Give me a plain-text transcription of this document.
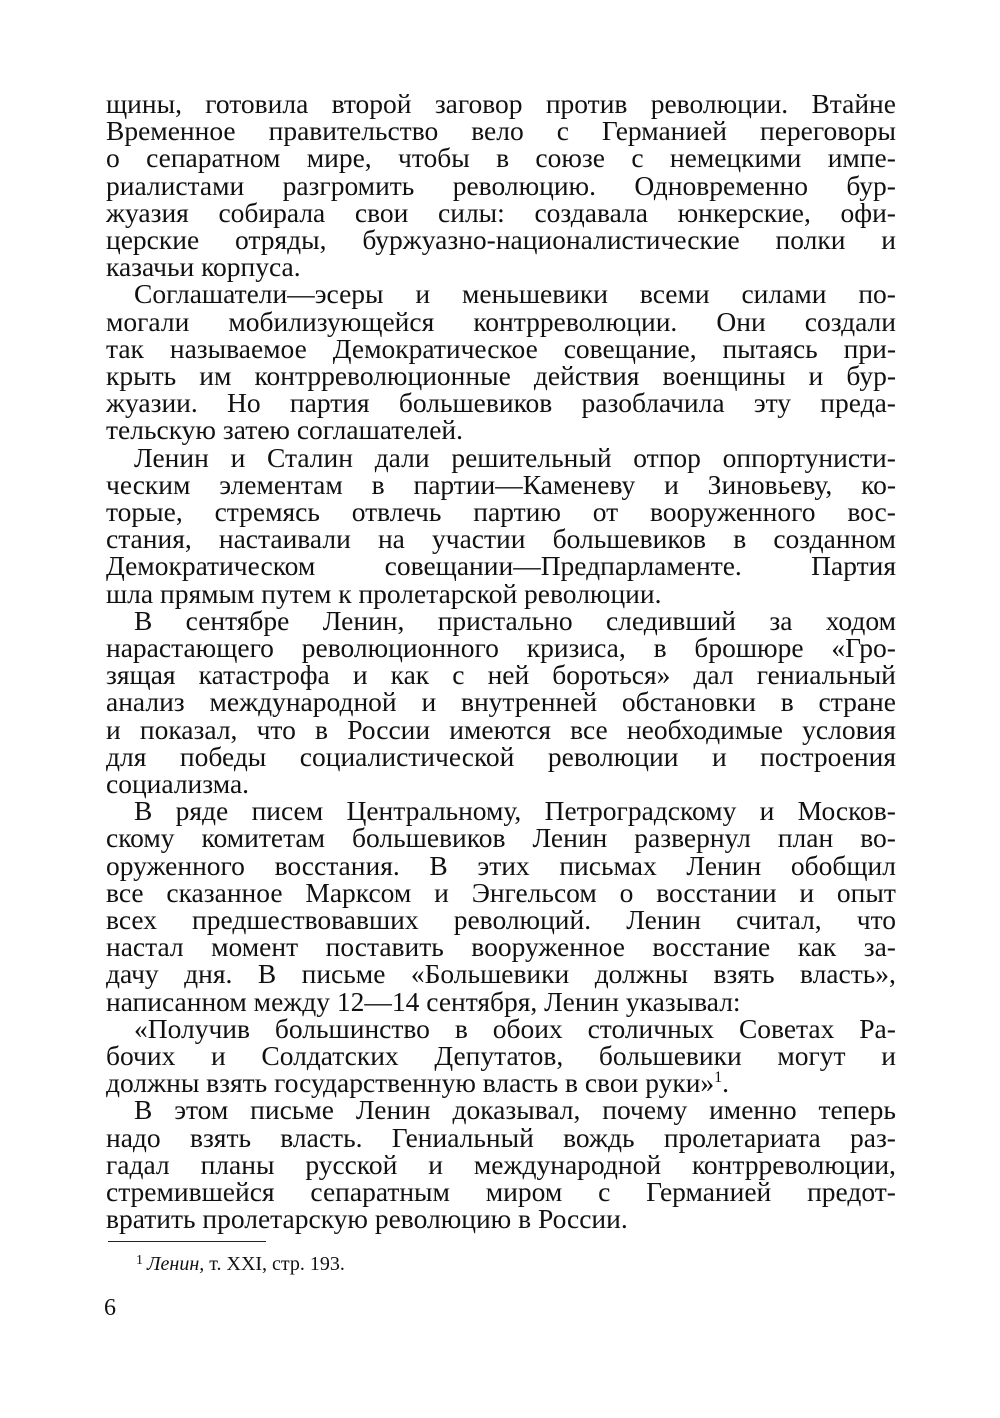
щины, готовила второй заговор против революции. Втайне
Временное правительство вело с Германией переговоры
о сепаратном мире, чтобы в союзе с немецкими импе-
риалистами разгромить революцию. Одновременно бур-
жуазия собирала свои силы: создавала юнкерские, офи-
церские отряды, буржуазно-националистические полки и
казачьи корпуса.
Соглашатели—эсеры и меньшевики всеми силами по-
могали мобилизующейся контрреволюции. Они создали
так называемое Демократическое совещание, пытаясь при-
крыть им контрреволюционные действия военщины и бур-
жуазии. Но партия большевиков разоблачила эту преда-
тельскую затею соглашателей.
Ленин и Сталин дали решительный отпор оппортунисти-
ческим элементам в партии—Каменеву и Зиновьеву, ко-
торые, стремясь отвлечь партию от вооруженного вос-
стания, настаивали на участии большевиков в созданном
Демократическом	совещании—Предпарламенте.	Партия
шла прямым путем к пролетарской революции.
В сентябре Ленин, пристально следивший за ходом
нарастающего революционного кризиса, в брошюре «Гро-
зящая катастрофа и как с ней бороться» дал гениальный
анализ международной и внутренней обстановки в стране
и показал, что в России имеются все необходимые условия
для победы социалистической революции и построения
социализма.
В ряде писем Центральному, Петроградскому и Москов-
скому комитетам большевиков Ленин развернул план во-
оруженного восстания. В этих письмах Ленин обобщил
все сказанное Марксом и Энгельсом о восстании и опыт
всех предшествовавших революций. Ленин считал, что
настал момент поставить вооруженное восстание как за-
дачу дня. В письме «Большевики должны взять власть»,
написанном между 12—14 сентября, Ленин указывал:
«Получив большинство в обоих столичных Советах Ра-
бочих и Солдатских Депутатов, большевики могут и
должны взять государственную власть в свои руки»$^1$.
В этом письме Ленин доказывал, почему именно теперь
надо взять власть. Гениальный вождь пролетариата раз-
гадал планы русской и международной контрреволюции,
стремившейся сепаратным миром с Германией предот-
вратить пролетарскую революцию в России.
$^1$ Ленин, т. XXI, стр. 193.
6
